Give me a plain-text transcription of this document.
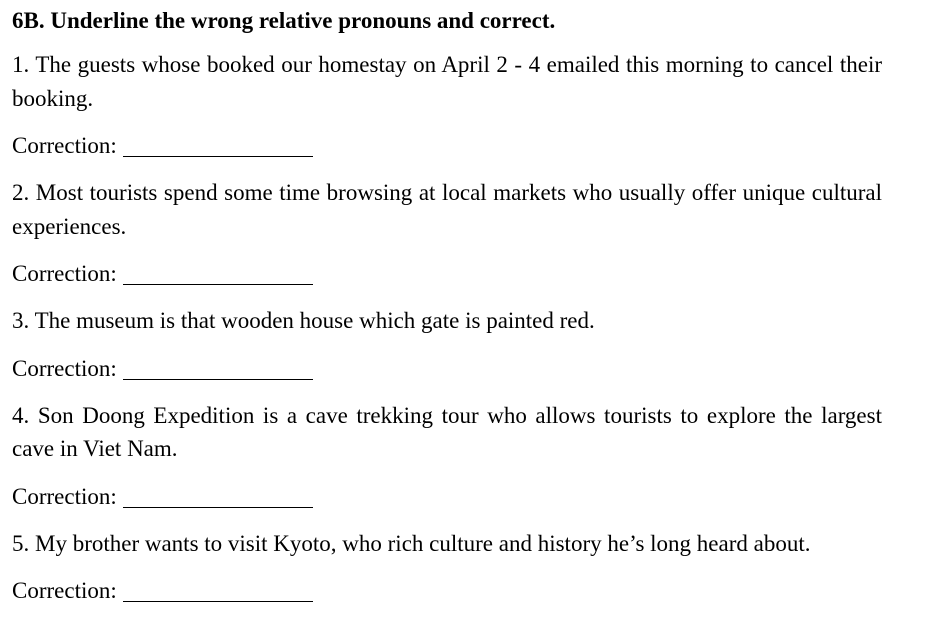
6B. Underline the wrong relative pronouns and correct.
1. The guests whose booked our homestay on April 2 - 4 emailed this morning to cancel their booking.
Correction:
2. Most tourists spend some time browsing at local markets who usually offer unique cultural experiences.
Correction:
3. The museum is that wooden house which gate is painted red.
Correction:
4. Son Doong Expedition is a cave trekking tour who allows tourists to explore the largest cave in Viet Nam.
Correction:
5. My brother wants to visit Kyoto, who rich culture and history he’s long heard about.
Correction:
